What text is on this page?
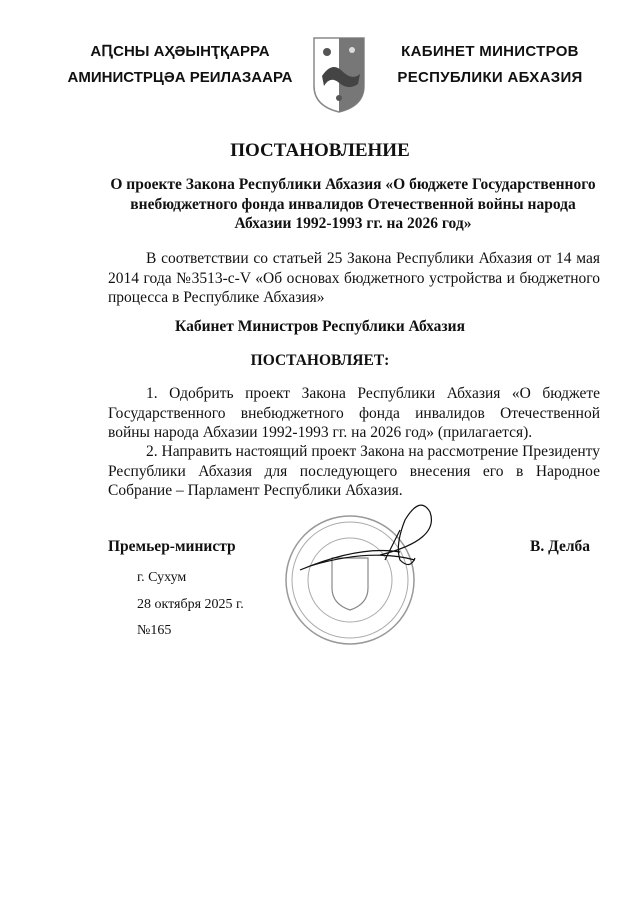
АԤСНЫ АҲӘЫНҬҚАРРА
АМИНИСТРЦӘА РЕИЛАЗААРА
КАБИНЕТ МИНИСТРОВ
РЕСПУБЛИКИ АБХАЗИЯ
ПОСТАНОВЛЕНИЕ
О проекте Закона Республики Абхазия «О бюджете Государственного внебюджетного фонда инвалидов Отечественной войны народа Абхазии 1992-1993 гг. на 2026 год»
В соответствии со статьей 25 Закона Республики Абхазия от 14 мая 2014 года №3513-с-V «Об основах бюджетного устройства и бюджетного процесса в Республике Абхазия»
Кабинет Министров Республики Абхазия
ПОСТАНОВЛЯЕТ:
1. Одобрить проект Закона Республики Абхазия «О бюджете Государственного внебюджетного фонда инвалидов Отечественной войны народа Абхазии 1992-1993 гг. на 2026 год» (прилагается).
2. Направить настоящий проект Закона на рассмотрение Президенту Республики Абхазия для последующего внесения его в Народное Собрание – Парламент Республики Абхазия.
Премьер-министр	В. Делба
г. Сухум
28 октября 2025 г.
№165
